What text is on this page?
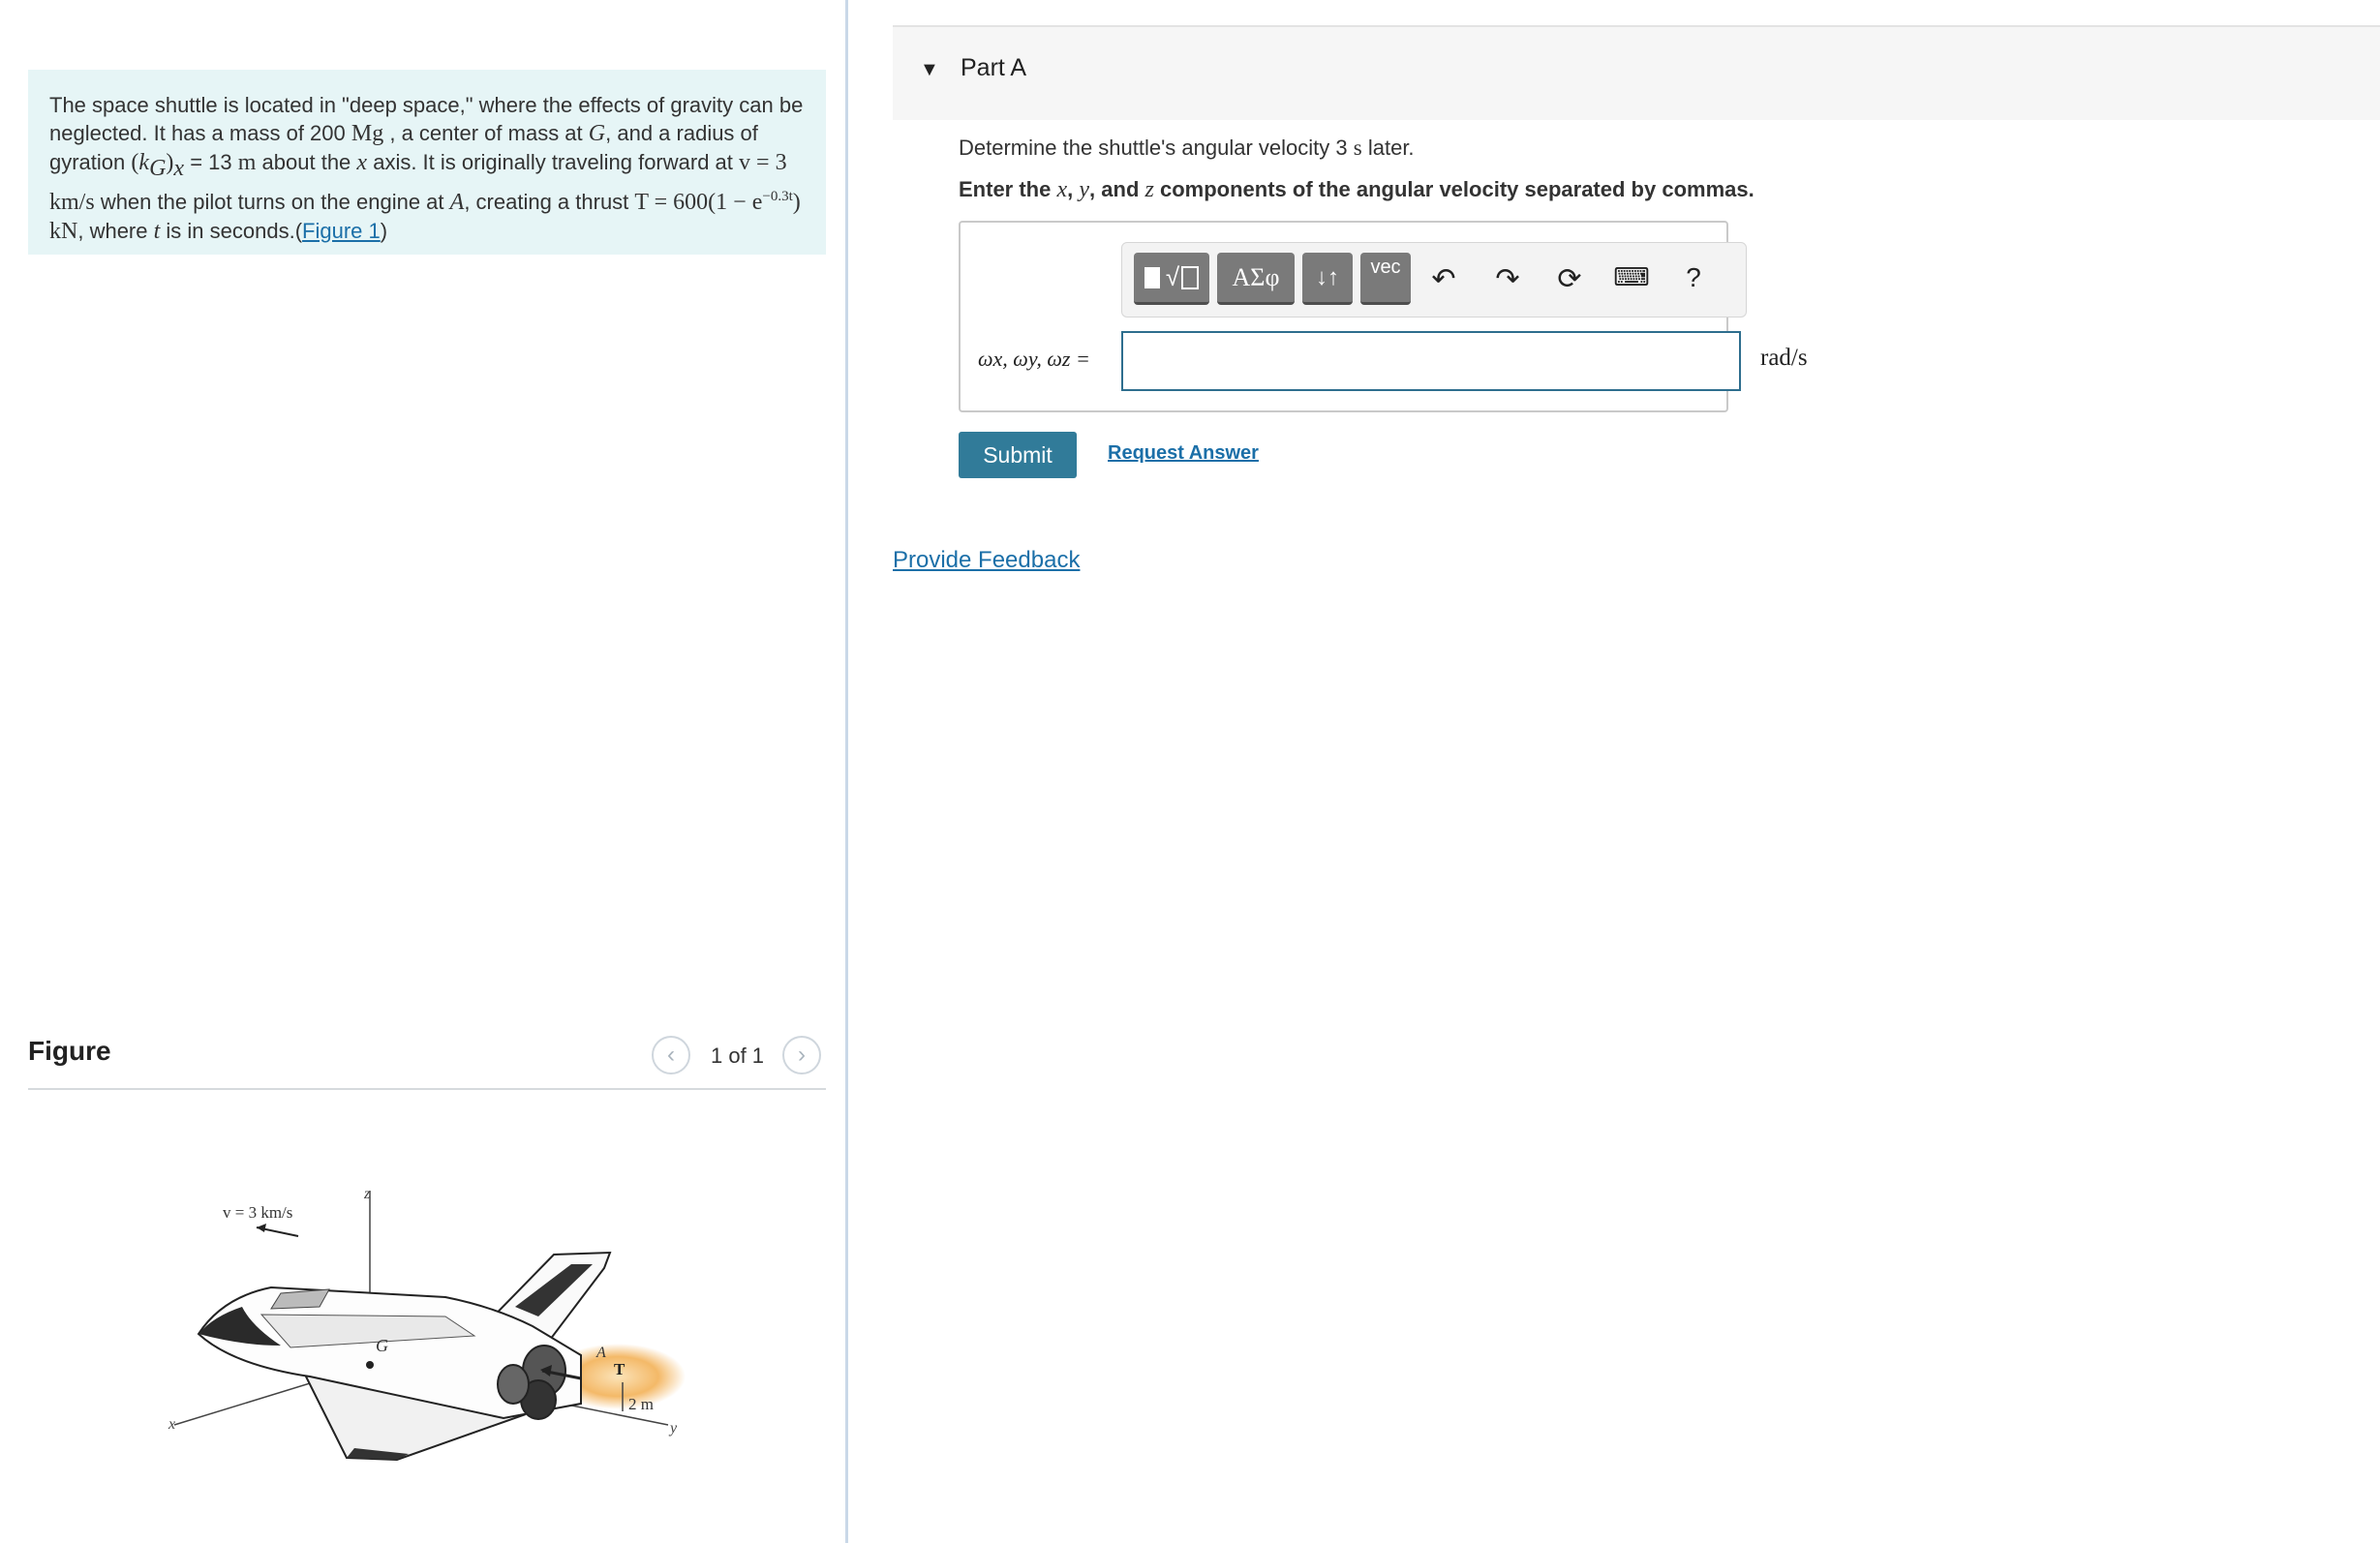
The space shuttle is located in "deep space," where the effects of gravity can be neglected. It has a mass of 200 Mg , a center of mass at G, and a radius of gyration $(k_G)_x = 13$ m about the x axis. It is originally traveling forward at v = 3 km/s when the pilot turns on the engine at A, creating a thrust $T = 600(1 - e^{-0.3t})$ kN, where t is in seconds.(Figure 1)
Figure	‹ 1 of 1 ›
z
x	y
v = 3 km/s
G	A
T
2 m
▼ Part A
Determine the shuttle's angular velocity 3 s later.
Enter the x, y, and z components of the angular velocity separated by commas.
√	ΑΣφ	↓↑	vec	↶ ↷ ⟳ ⌨	?
ωx, ωy, ωz =	rad/s
Submit	Request Answer
Provide Feedback
